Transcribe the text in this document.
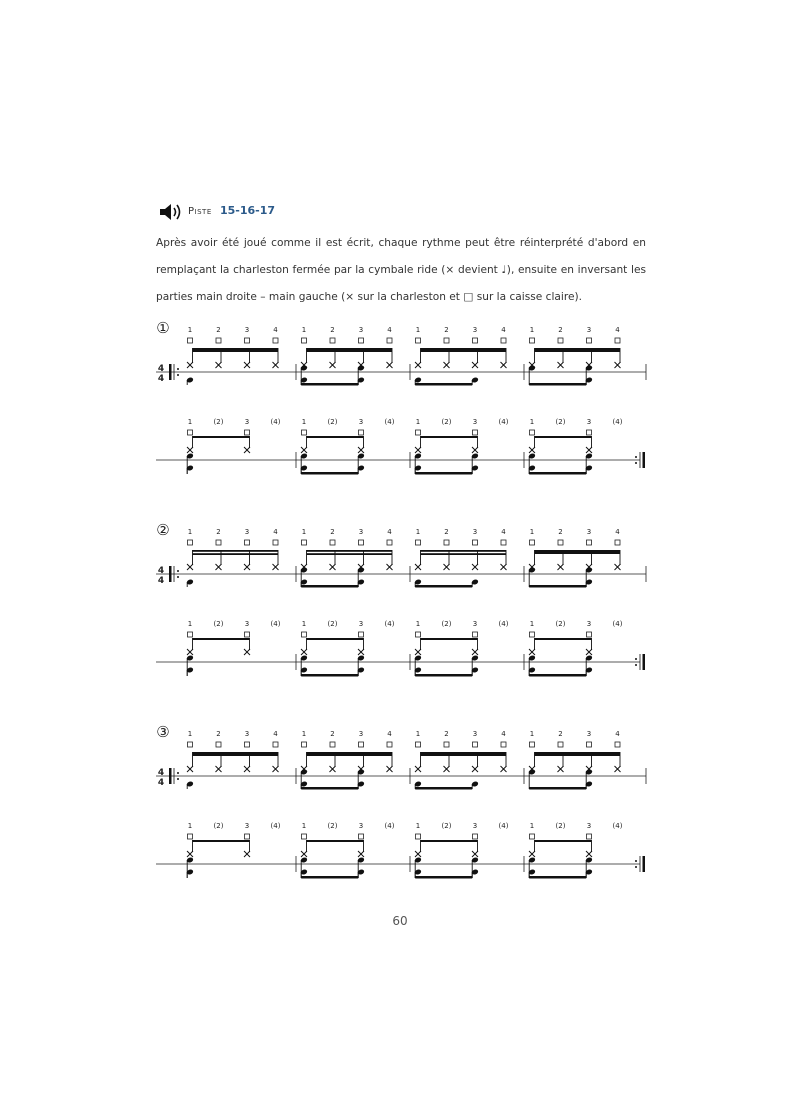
Piste 15-16-17

Après avoir été joué comme il est écrit, chaque rythme peut être réinterprété d'abord en remplaçant la charleston fermée par la cymbale ride (× devient ♩), ensuite en inversant les parties main droite – main gauche (× sur la charleston et □ sur la caisse claire).

①	1	2	3	4	1	2	3	4	1	2	3	4	1	2	3	4
4
4
1	(2)	3	(4)	1	(2)	3	(4)	1	(2)	3	(4)	1	(2)	3	(4)
②	1	2	3	4	1	2	3	4	1	2	3	4	1	2	3	4
4
4
1	(2)	3	(4)	1	(2)	3	(4)	1	(2)	3	(4)	1	(2)	3	(4)
③	1	2	3	4	1	2	3	4	1	2	3	4	1	2	3	4
4
4
1	(2)	3	(4)	1	(2)	3	(4)	1	(2)	3	(4)	1	(2)	3	(4)
60
